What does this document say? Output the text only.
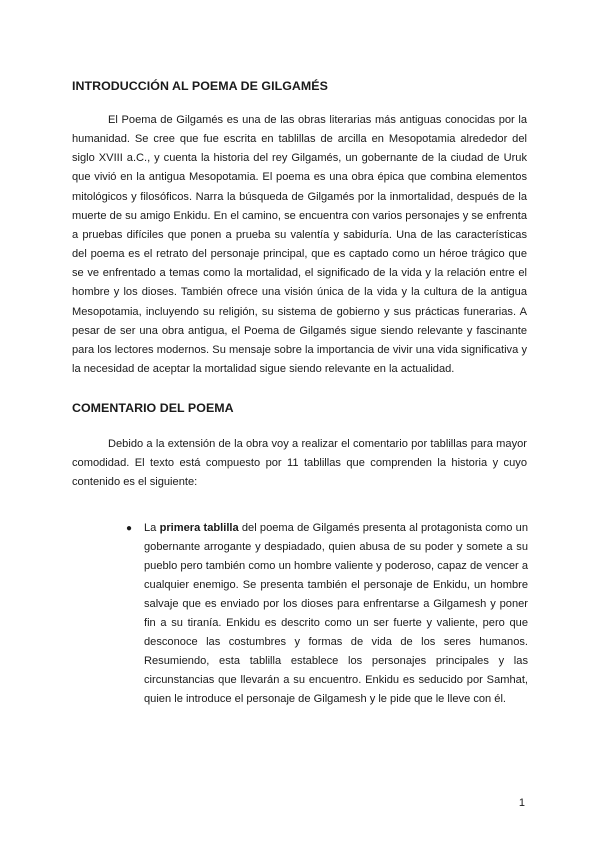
INTRODUCCIÓN AL POEMA DE GILGAMÉS

El Poema de Gilgamés es una de las obras literarias más antiguas conocidas por la humanidad. Se cree que fue escrita en tablillas de arcilla en Mesopotamia alrededor del siglo XVIII a.C., y cuenta la historia del rey Gilgamés, un gobernante de la ciudad de Uruk que vivió en la antigua Mesopotamia. El poema es una obra épica que combina elementos mitológicos y filosóficos. Narra la búsqueda de Gilgamés por la inmortalidad, después de la muerte de su amigo Enkidu. En el camino, se encuentra con varios personajes y se enfrenta a pruebas difíciles que ponen a prueba su valentía y sabiduría. Una de las características del poema es el retrato del personaje principal, que es captado como un héroe trágico que se ve enfrentado a temas como la mortalidad, el significado de la vida y la relación entre el hombre y los dioses. También ofrece una visión única de la vida y la cultura de la antigua Mesopotamia, incluyendo su religión, su sistema de gobierno y sus prácticas funerarias. A pesar de ser una obra antigua, el Poema de Gilgamés sigue siendo relevante y fascinante para los lectores modernos. Su mensaje sobre la importancia de vivir una vida significativa y la necesidad de aceptar la mortalidad sigue siendo relevante en la actualidad.

COMENTARIO DEL POEMA

Debido a la extensión de la obra voy a realizar el comentario por tablillas para mayor comodidad. El texto está compuesto por 11 tablillas que comprenden la historia y cuyo contenido es el siguiente:

● La primera tablilla del poema de Gilgamés presenta al protagonista como un gobernante arrogante y despiadado, quien abusa de su poder y somete a su pueblo pero también como un hombre valiente y poderoso, capaz de vencer a cualquier enemigo. Se presenta también el personaje de Enkidu, un hombre salvaje que es enviado por los dioses para enfrentarse a Gilgamesh y poner fin a su tiranía. Enkidu es descrito como un ser fuerte y valiente, pero que desconoce las costumbres y formas de vida de los seres humanos. Resumiendo, esta tablilla establece los personajes principales y las circunstancias que llevarán a su encuentro. Enkidu es seducido por Samhat, quien le introduce el personaje de Gilgamesh y le pide que le lleve con él.
1
